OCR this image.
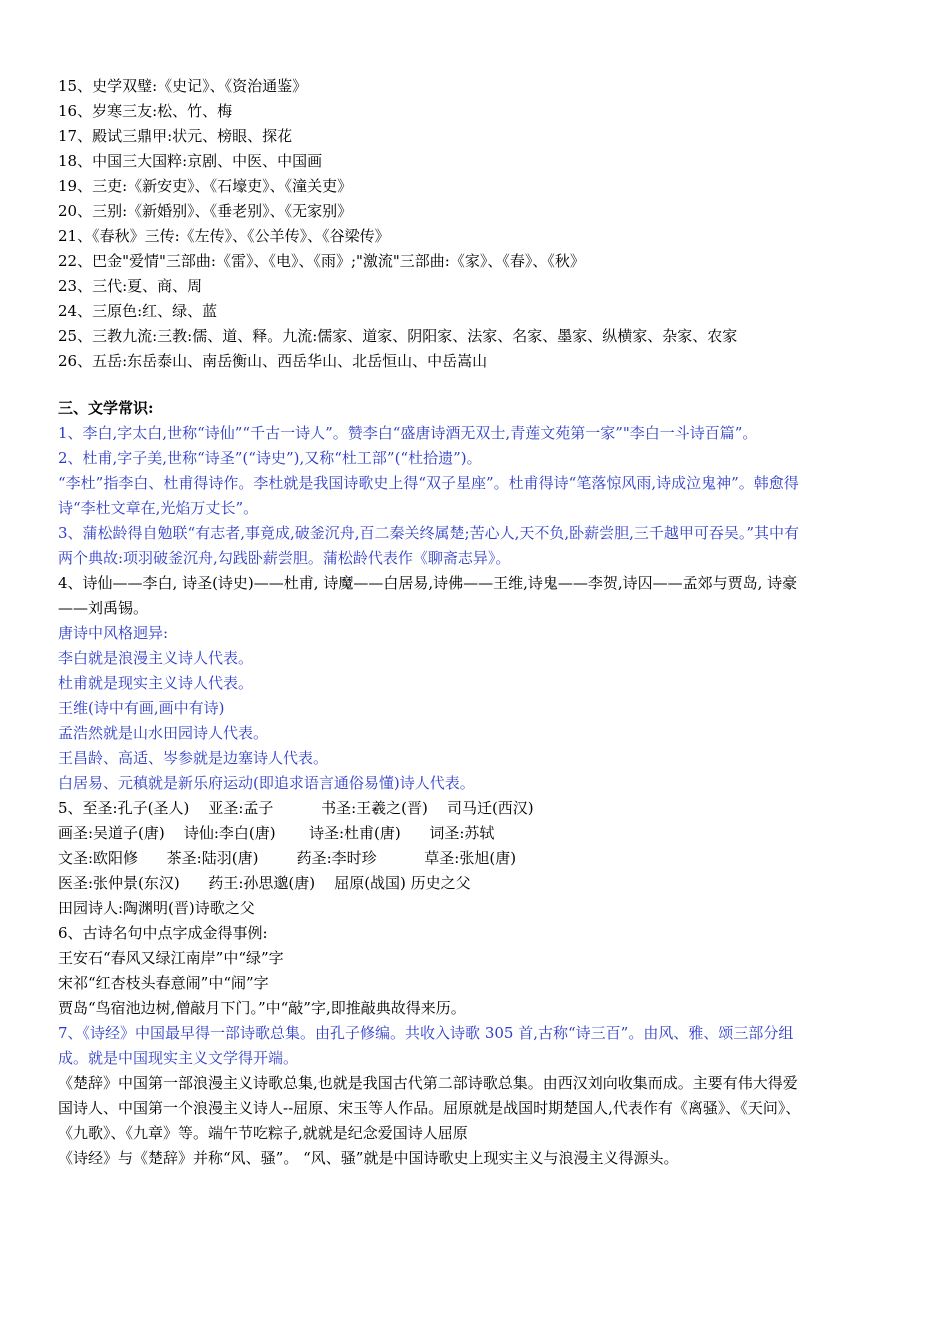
15、史学双璧:《史记》、《资治通鉴》
16、岁寒三友:松、竹、梅
17、殿试三鼎甲:状元、榜眼、探花
18、中国三大国粹:京剧、中医、中国画
19、三吏:《新安吏》、《石壕吏》、《潼关吏》
20、三别:《新婚别》、《垂老别》、《无家别》
21、《春秋》三传:《左传》、《公羊传》、《谷梁传》
22、巴金"爱情"三部曲:《雷》、《电》、《雨》;"激流"三部曲:《家》、《春》、《秋》
23、三代:夏、商、周
24、三原色:红、绿、蓝
25、三教九流:三教:儒、道、释。九流:儒家、道家、阴阳家、法家、名家、墨家、纵横家、杂家、农家
26、五岳:东岳泰山、南岳衡山、西岳华山、北岳恒山、中岳嵩山
三、文学常识:
1、李白,字太白,世称“诗仙”“千古一诗人”。赞李白“盛唐诗酒无双士,青莲文苑第一家”"李白一斗诗百篇”。
2、杜甫,字子美,世称“诗圣”(“诗史”),又称“杜工部”(“杜拾遗”)。
“李杜”指李白、杜甫得诗作。李杜就是我国诗歌史上得“双子星座”。杜甫得诗“笔落惊风雨,诗成泣鬼神”。韩愈得诗“李杜文章在,光焰万丈长”。
3、蒲松龄得自勉联“有志者,事竟成,破釜沉舟,百二秦关终属楚;苦心人,天不负,卧薪尝胆,三千越甲可吞吴。”其中有两个典故:项羽破釜沉舟,勾践卧薪尝胆。蒲松龄代表作《聊斋志异》。
4、诗仙——李白, 诗圣(诗史)——杜甫, 诗魔——白居易,诗佛——王维,诗鬼——李贺,诗囚——孟郊与贾岛, 诗豪——刘禹锡。
唐诗中风格迥异:
李白就是浪漫主义诗人代表。
杜甫就是现实主义诗人代表。
王维(诗中有画,画中有诗)
孟浩然就是山水田园诗人代表。
王昌龄、高适、岑参就是边塞诗人代表。
白居易、元稹就是新乐府运动(即追求语言通俗易懂)诗人代表。
5、至圣:孔子(圣人)    亚圣:孟子          书圣:王羲之(晋)    司马迁(西汉)
画圣:吴道子(唐)    诗仙:李白(唐)       诗圣:杜甫(唐)      词圣:苏轼
文圣:欧阳修      茶圣:陆羽(唐)        药圣:李时珍          草圣:张旭(唐)
医圣:张仲景(东汉)      药王:孙思邈(唐)    屈原(战国) 历史之父
田园诗人:陶渊明(晋)诗歌之父
6、古诗名句中点字成金得事例:
王安石“春风又绿江南岸”中“绿”字
宋祁“红杏枝头春意闹”中“闹”字
贾岛“鸟宿池边树,僧敲月下门。”中“敲”字,即推敲典故得来历。
7、《诗经》中国最早得一部诗歌总集。由孔子修编。共收入诗歌 305 首,古称“诗三百”。由风、雅、颂三部分组成。就是中国现实主义文学得开端。
《楚辞》中国第一部浪漫主义诗歌总集,也就是我国古代第二部诗歌总集。由西汉刘向收集而成。主要有伟大得爱国诗人、中国第一个浪漫主义诗人--屈原、宋玉等人作品。屈原就是战国时期楚国人,代表作有《离骚》、《天问》、《九歌》、《九章》等。端午节吃粽子,就就是纪念爱国诗人屈原
《诗经》与《楚辞》并称“风、骚”。 “风、骚”就是中国诗歌史上现实主义与浪漫主义得源头。
